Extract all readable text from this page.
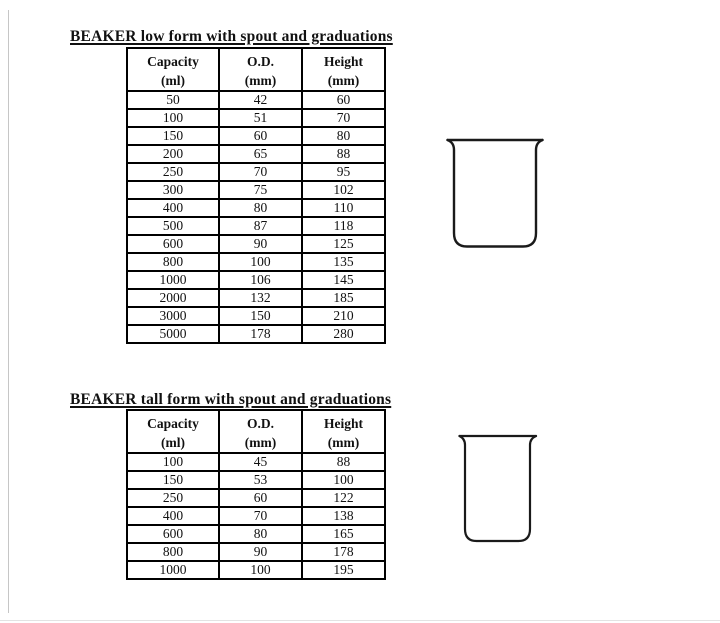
BEAKER low form with spout and graduations
Capacity
(ml)

O.D.
(mm)

Height
(mm)

50	42	60
100	51	70
150	60	80
200	65	88
250	70	95
300	75	102
400	80	110
500	87	118
600	90	125
800	100	135
1000	106	145
2000	132	185
3000	150	210
5000	178	280
BEAKER tall form with spout and graduations
Capacity
(ml)

O.D.
(mm)

Height
(mm)

100	45	88
150	53	100
250	60	122
400	70	138
600	80	165
800	90	178
1000	100	195
